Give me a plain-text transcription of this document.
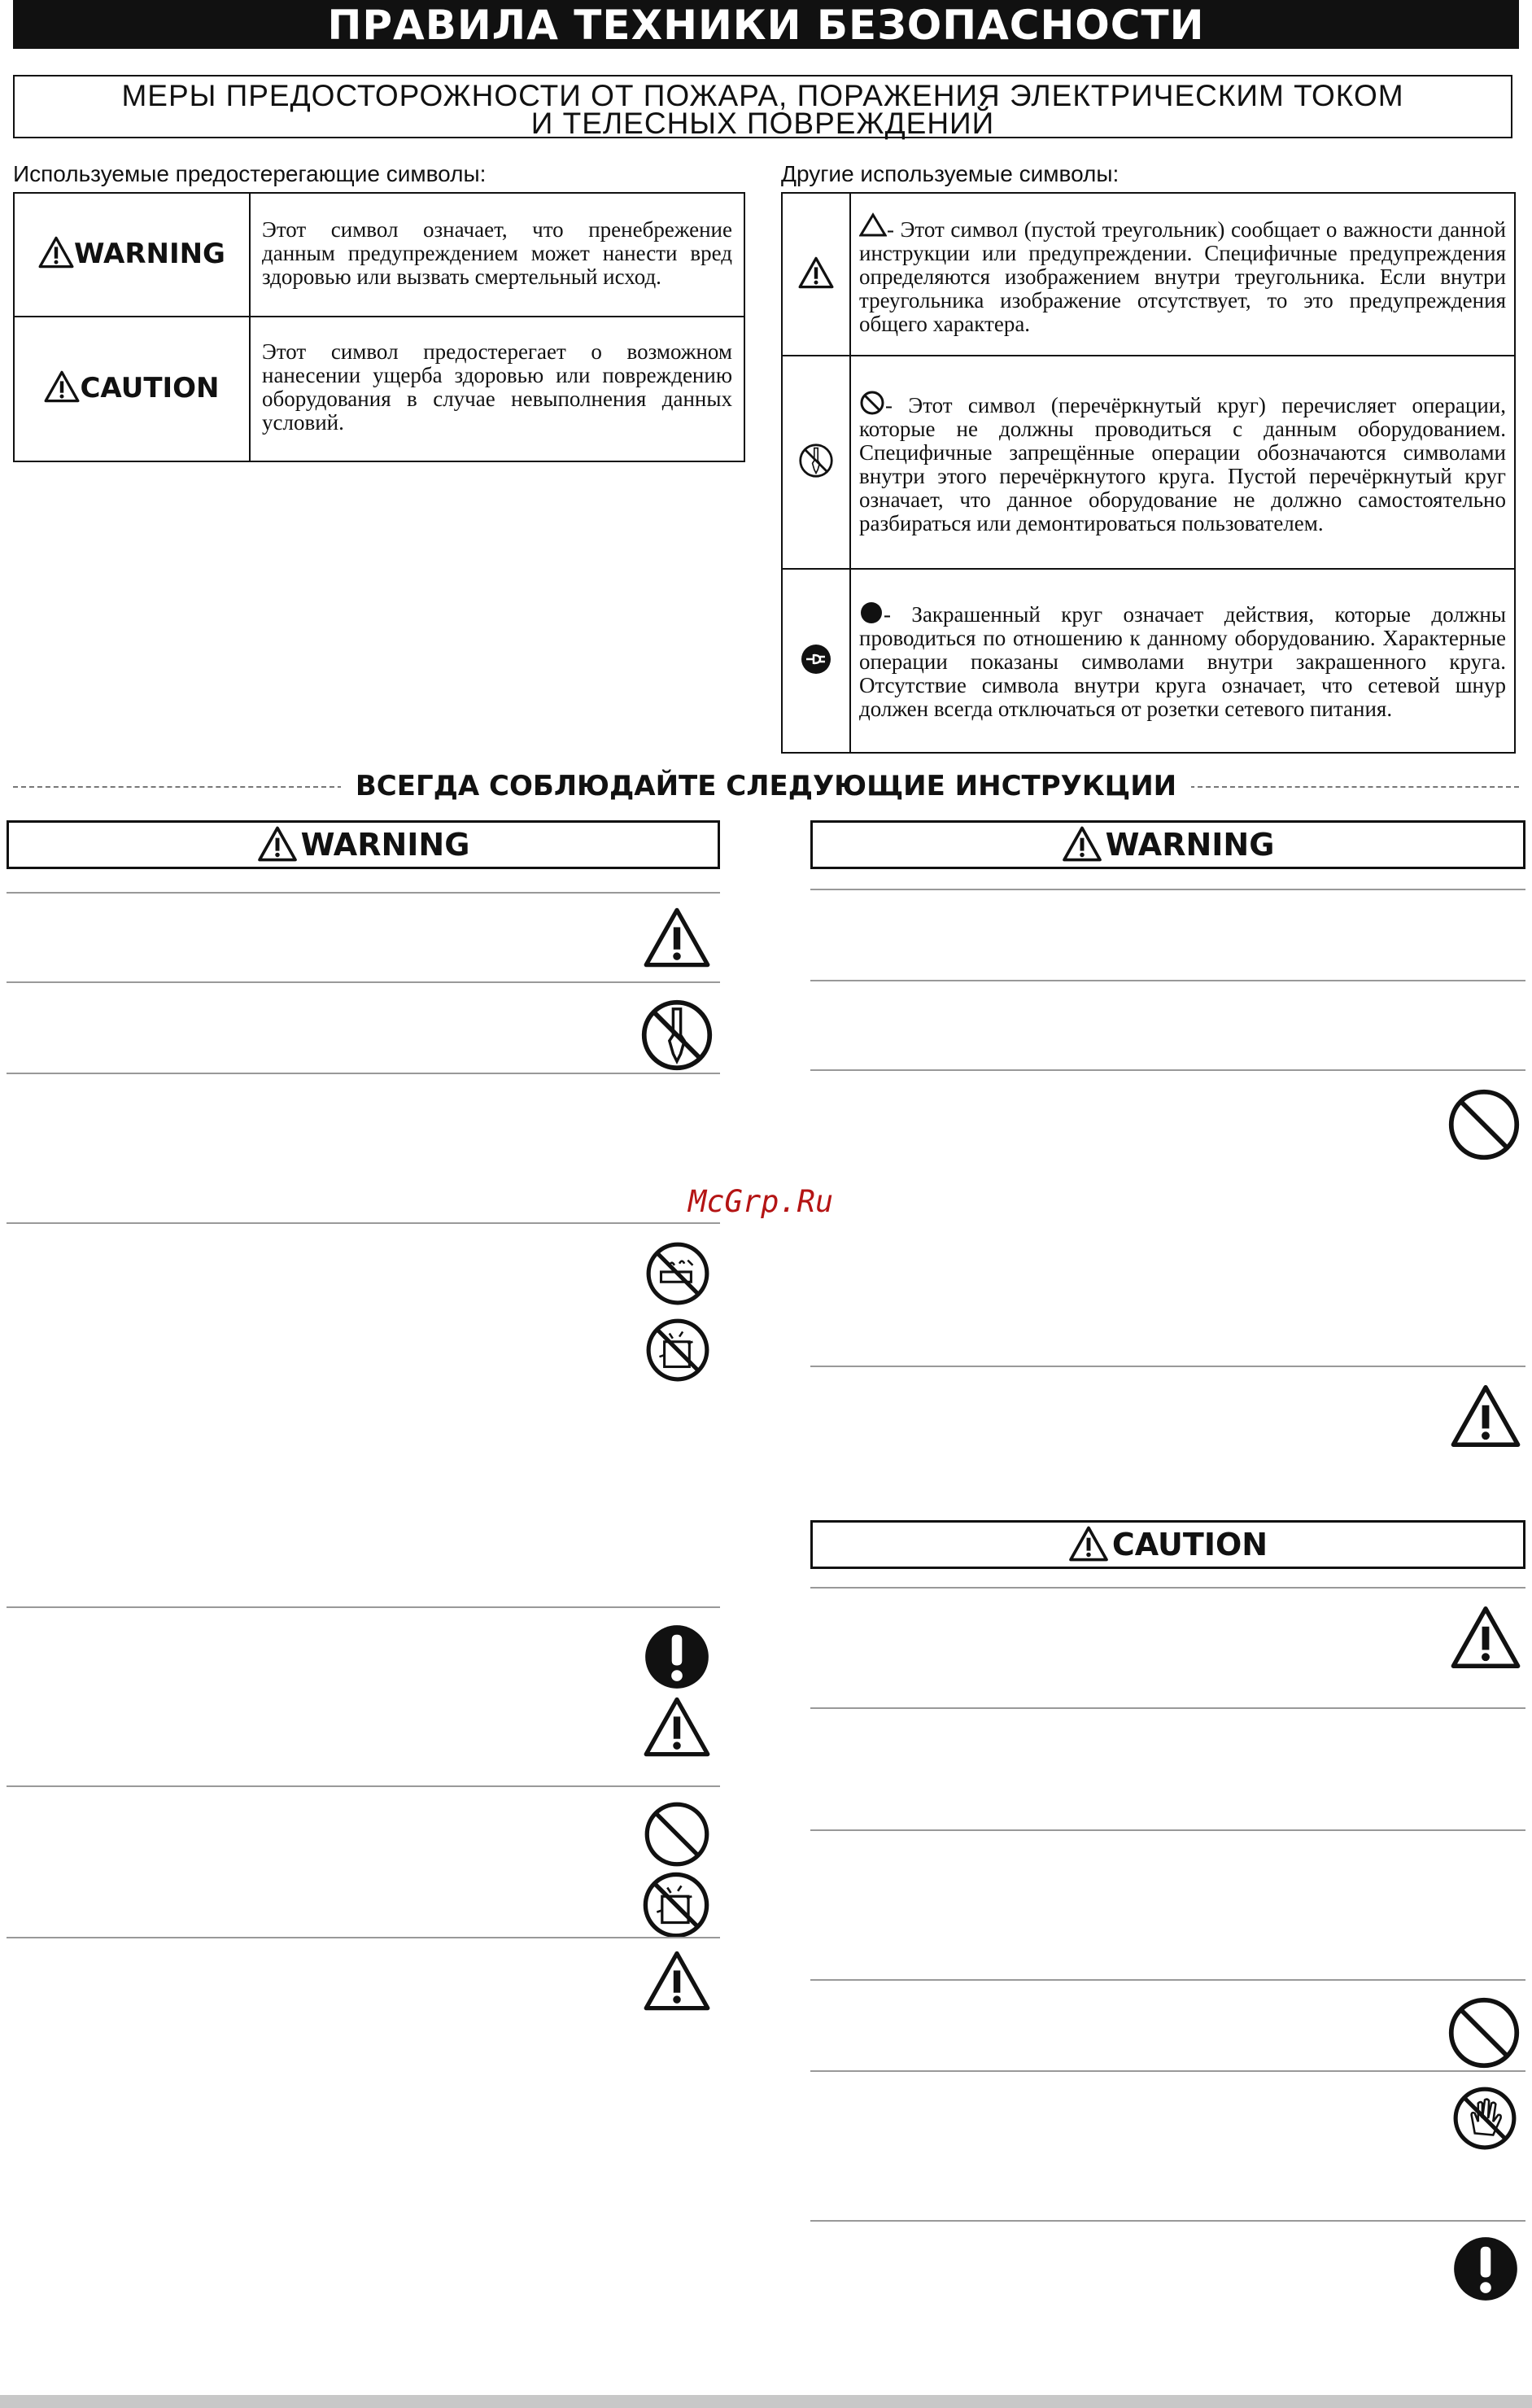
ПРАВИЛА ТЕХНИКИ БЕЗОПАСНОСТИ
МЕРЫ ПРЕДОСТОРОЖНОСТИ ОТ ПОЖАРА, ПОРАЖЕНИЯ ЭЛЕКТРИЧЕСКИМ ТОКОМ
И ТЕЛЕСНЫХ ПОВРЕЖДЕНИЙ
Используемые предостерегающие символы:
WARNING	Этот символ означает, что пренебрежение данным предупреждением может нанести вред здоровью или вызвать смертельный исход.
CAUTION	Этот символ предостерегает о возможном нанесении ущерба здоровью или повреждению оборудования в случае невыполнения данных условий.
Другие используемые символы:
	- Этот символ (пустой треугольник) сообщает о важности данной инструкции или предупреждении. Специфичные предупреждения определяются изображением внутри треугольника. Если внутри треугольника изображение отсутствует, то это предупреждения общего характера.
	- Этот символ (перечёркнутый круг) перечисляет операции, которые не должны проводиться с данным оборудованием. Специфичные запрещённые операции обозначаются символами внутри этого перечёркнутого круга. Пустой перечёркнутый круг означает, что данное оборудование не должно самостоятельно разбираться или демонтироваться пользователем.
	- Закрашенный круг означает действия, которые должны проводиться по отношению к данному оборудованию. Характерные операции показаны символами внутри закрашенного круга. Отсутствие символа внутри круга означает, что сетевой шнур должен всегда отключаться от розетки сетевого питания.
ВСЕГДА СОБЛЮДАЙТЕ СЛЕДУЮЩИЕ ИНСТРУКЦИИ
WARNING	WARNING
CAUTION
McGrp.Ru
